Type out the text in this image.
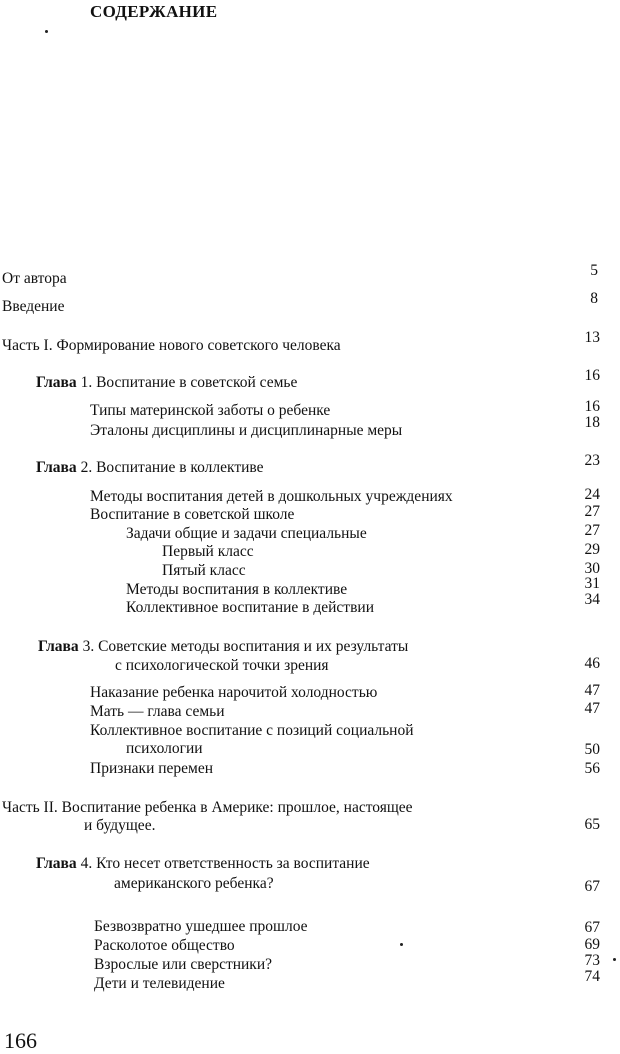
СОДЕРЖАНИЕ
От автора	5
Введение	8
Часть I. Формирование нового советского человека	13
Глава 1. Воспитание в советской семье	16
Типы материнской заботы о ребенке	16
Эталоны дисциплины и дисциплинарные меры	18
Глава 2. Воспитание в коллективе	23
Методы воспитания детей в дошкольных учреждениях	24
Воспитание в советской школе	27
Задачи общие и задачи специальные	27
Первый класс	29
Пятый класс	30
Методы воспитания в коллективе	31
Коллективное воспитание в действии	34
Глава 3. Советские методы воспитания и их результаты
с психологической точки зрения	46
Наказание ребенка нарочитой холодностью	47
Мать — глава семьи	47
Коллективное воспитание с позиций социальной
психологии	50
Признаки перемен	56
Часть II. Воспитание ребенка в Америке: прошлое, настоящее
и будущее.	65
Глава 4. Кто несет ответственность за воспитание
американского ребенка?	67
Безвозвратно ушедшее прошлое	67
Расколотое общество	69
Взрослые или сверстники?	73
Дети и телевидение	74
166
